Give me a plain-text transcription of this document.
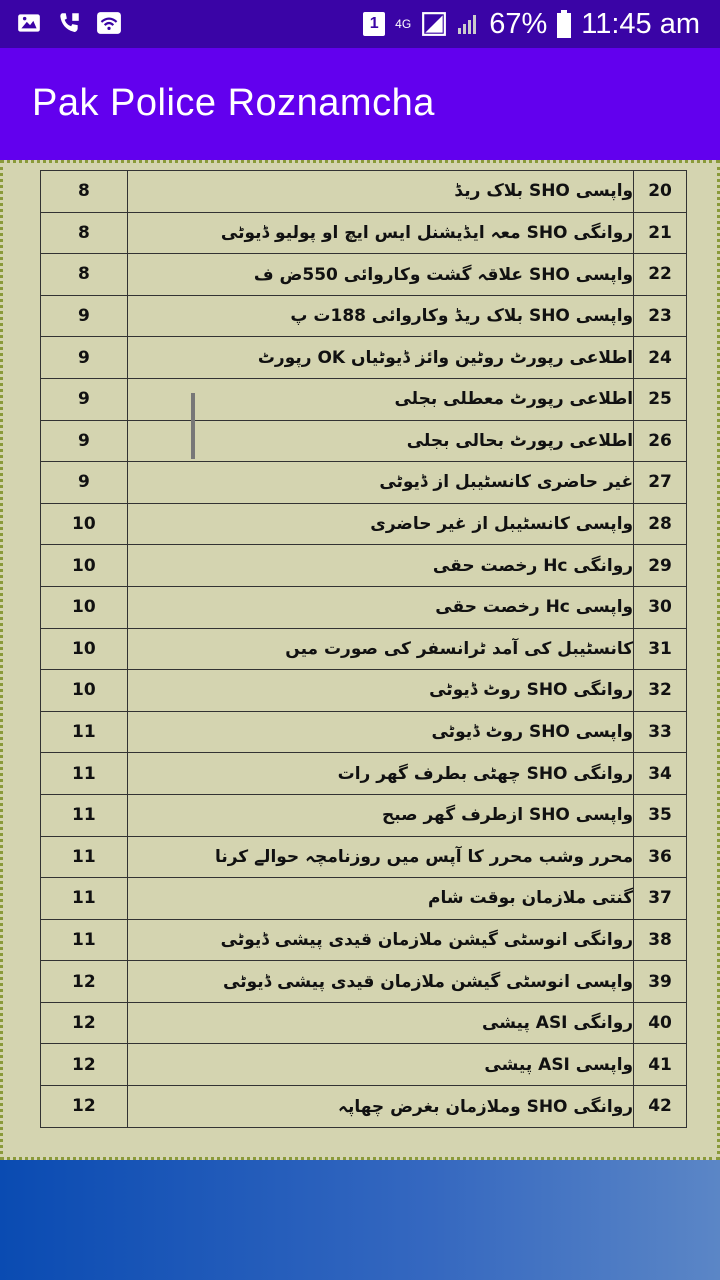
1	4G	67% 11:45 am
Pak Police Roznamcha
8	واپسی SHO بلاک ریڈ	20
8	روانگی SHO معہ ایڈیشنل ایس ایچ او پولیو ڈیوٹی	21
8	واپسی SHO علاقہ گشت وکاروائی 550ض ف	22
9	واپسی SHO بلاک ریڈ وکاروائی 188ت پ	23
9	اطلاعی رپورٹ روٹین وائز ڈیوٹیاں OK رپورٹ	24
9	اطلاعی رپورٹ معطلی بجلی	25
9	اطلاعی رپورٹ بحالی بجلی	26
9	غیر حاضری کانسٹیبل از ڈیوٹی	27
10	واپسی کانسٹیبل از غیر حاضری	28
10	روانگی Hc رخصت حقی	29
10	واپسی Hc رخصت حقی	30
10	کانسٹیبل کی آمد ٹرانسفر کی صورت میں	31
10	روانگی SHO روٹ ڈیوٹی	32
11	واپسی SHO روٹ ڈیوٹی	33
11	روانگی SHO چھٹی بطرف گھر رات	34
11	واپسی SHO ازطرف گھر صبح	35
11	محرر وشب محرر کا آپس میں روزنامچہ حوالے کرنا	36
11	گنتی ملازمان بوقت شام	37
11	روانگی انوسٹی گیشن ملازمان قیدی پیشی ڈیوٹی	38
12	واپسی انوسٹی گیشن ملازمان قیدی پیشی ڈیوٹی	39
12	روانگی ASI پیشی	40
12	واپسی ASI پیشی	41
12	روانگی SHO وملازمان بغرض چھاپہ	42
